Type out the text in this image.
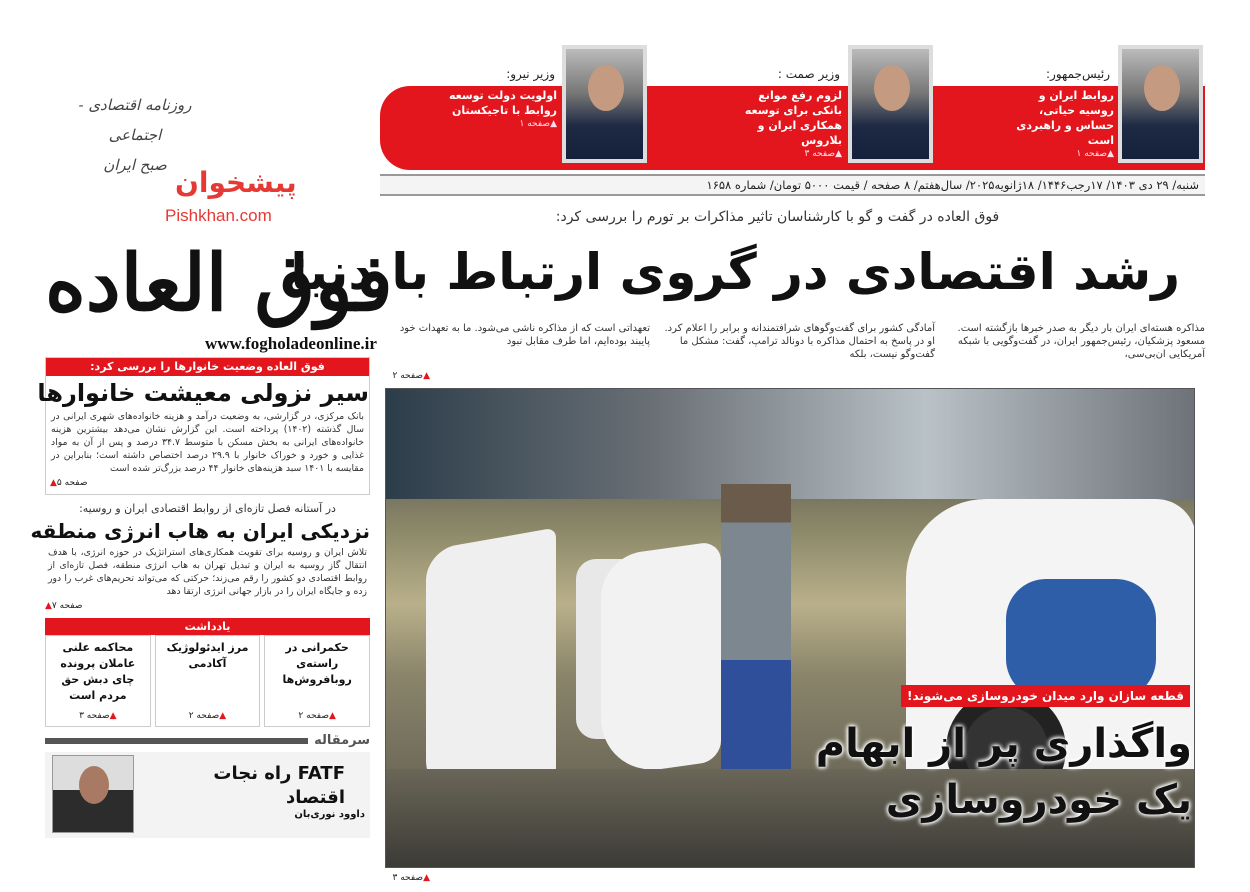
روزنامه اقتصادی - اجتماعی
صبح ایران
پیشخوان
Pishkhan.com
فوق العاده
www.fogholadeonline.ir
رئیس‌جمهور:
روابط ایران و روسیه حیاتی، حساس و راهبردی است
▲صفحه ۱
وزیر صمت :
لزوم رفع موانع بانکی برای توسعه همکاری ایران و بلاروس
▲صفحه ۳
وزیر نیرو:
اولویت دولت توسعه روابط با تاجیکستان
▲صفحه ۱
شنبه/ ۲۹ دی ۱۴۰۳/ ۱۷رجب۱۴۴۶/ ۱۸ژانویه۲۰۲۵/ سال‌هفتم/ ۸ صفحه / قیمت ۵۰۰۰ تومان/ شماره ۱۶۵۸
فوق العاده در گفت و گو با کارشناسان تاثیر مذاکرات بر تورم را بررسی کرد:
رشد اقتصادی در گروی ارتباط با دنیا
مذاکره هسته‌ای ایران بار دیگر به صدر خبرها بازگشته است. مسعود پزشکیان، رئیس‌جمهور ایران، در گفت‌وگویی با شبکه آمریکایی ان‌بی‌سی،
آمادگی کشور برای گفت‌وگوهای شرافتمندانه و برابر را اعلام کرد. او در پاسخ به احتمال مذاکره با دونالد ترامپ، گفت: مشکل ما گفت‌وگو نیست، بلکه
تعهداتی است که از مذاکره ناشی می‌شود. ما به تعهدات خود پایبند بوده‌ایم، اما طرف مقابل نبود
▲صفحه ۲
قطعه سازان وارد میدان خودروسازی می‌شوند!
واگذاری پر از ابهام
یک خودروسازی
▲صفحه ۳
فوق العاده وضعیت خانوارها را بررسی کرد:
سیر نزولی معیشت خانوارها
بانک مرکزی، در گزارشی، به وضعیت درآمد و هزینه خانواده‌های شهری ایرانی در سال گذشته (۱۴۰۲) پرداخته است. این گزارش نشان می‌دهد بیشترین هزینه خانواده‌های ایرانی به بخش مسکن با متوسط ۳۴.۷ درصد و پس از آن به مواد غذایی و خورد و خوراک خانوار با ۲۹.۹ درصد اختصاص داشته است؛ بنابراین در مقایسه با ۱۴۰۱ سبد هزینه‌های خانوار ۴۴ درصد بزرگ‌تر شده است
▲صفحه ۵
در آستانه فصل تازه‌ای از روابط اقتصادی ایران و روسیه:
نزدیکی ایران به هاب انرژی منطقه
تلاش ایران و روسیه برای تقویت همکاری‌های استراتژیک در حوزه انرژی، با هدف انتقال گاز روسیه به ایران و تبدیل تهران به هاب انرژی منطقه، فصل تازه‌ای از روابط اقتصادی دو کشور را رقم می‌زند؛ حرکتی که می‌تواند تحریم‌های غرب را دور زده و جایگاه ایران را در بازار جهانی انرژی ارتقا دهد
▲صفحه ۷
یادداشت
حکمرانی در راسته‌ی روبافروش‌ها
▲صفحه ۲
مرز ایدئولوژیک آکادمی
▲صفحه ۲
محاکمه علنی عاملان پرونده چای دبش حق مردم است
▲صفحه ۳
سرمقاله
FATF راه نجات اقتصاد
داوود نوری‌بان
